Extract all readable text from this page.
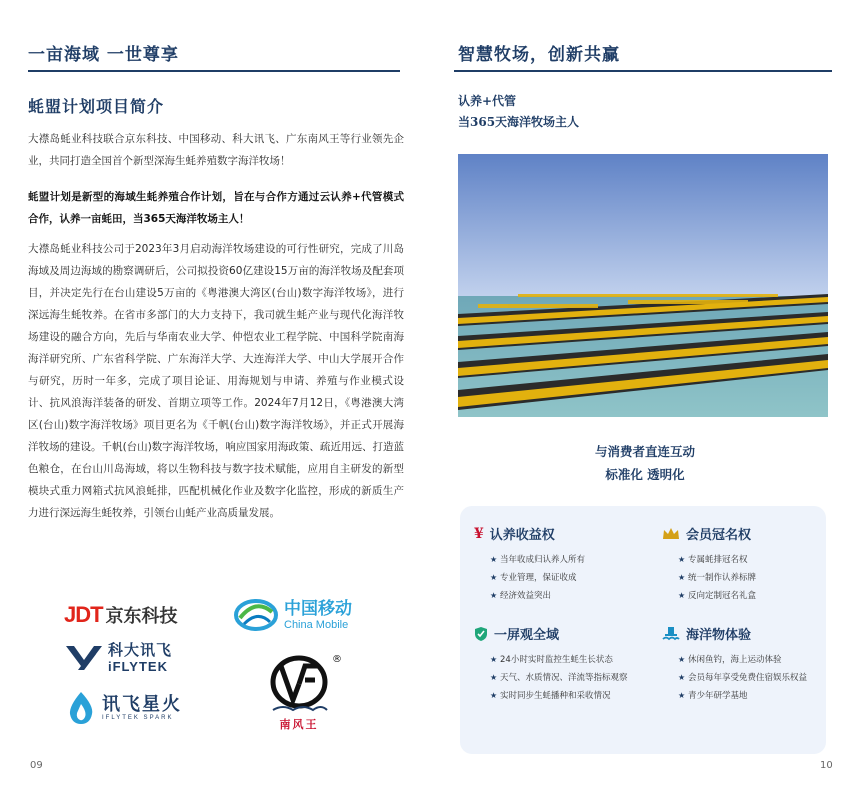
一亩海域 一世尊享
蚝盟计划项目简介
大襟岛蚝业科技联合京东科技、中国移动、科大讯飞、广东南风王等行业领先企业，共同打造全国首个新型深海生蚝养殖数字海洋牧场！
蚝盟计划是新型的海域生蚝养殖合作计划，旨在与合作方通过云认养+代管模式合作，认养一亩蚝田，当365天海洋牧场主人！
大襟岛蚝业科技公司于2023年3月启动海洋牧场建设的可行性研究，完成了川岛海域及周边海域的勘察调研后，公司拟投资60亿建设15万亩的海洋牧场及配套项目，并决定先行在台山建设5万亩的《粤港澳大湾区(台山)数字海洋牧场》，进行深远海生蚝牧养。在省市多部门的大力支持下，我司就生蚝产业与现代化海洋牧场建设的融合方向，先后与华南农业大学、仲恺农业工程学院、中国科学院南海海洋研究所、广东省科学院、广东海洋大学、大连海洋大学、中山大学展开合作与研究，历时一年多，完成了项目论证、用海规划与申请、养殖与作业模式设计、抗风浪海洋装备的研发、首期立项等工作。2024年7月12日，《粤港澳大湾区(台山)数字海洋牧场》项目更名为《千帆(台山)数字海洋牧场》，并正式开展海洋牧场的建设。千帆(台山)数字海洋牧场，响应国家用海政策、疏近用远、打造蓝色粮仓，在台山川岛海域，将以生物科技与数字技术赋能，应用自主研发的新型模块式重力网箱式抗风浪蚝排，匹配机械化作业及数字化监控，形成的新质生产力进行深远海生蚝牧养，引领台山蚝产业高质量发展。
JDT 京东科技	中国移动
China Mobile
科大讯飞
iFLYTEK
讯飞星火
IFLYTEK SPARK
®
南风王
09
智慧牧场，创新共赢
认养+代管
当365天海洋牧场主人
与消费者直连互动
标准化 透明化
¥ 认养收益权
★ 当年收成归认养人所有
★ 专业管理，保证收成
★ 经济效益突出
会员冠名权
★ 专属蚝排冠名权
★ 统一制作认养标牌
★ 反向定制冠名礼盒
一屏观全域
★ 24小时实时监控生蚝生长状态
★ 天气、水质情况、洋流等指标观察
★ 实时同步生蚝播种和采收情况
海洋物体验
★ 休闲鱼钓，海上运动体验
★ 会员每年享受免费住宿娱乐权益
★ 青少年研学基地
10
